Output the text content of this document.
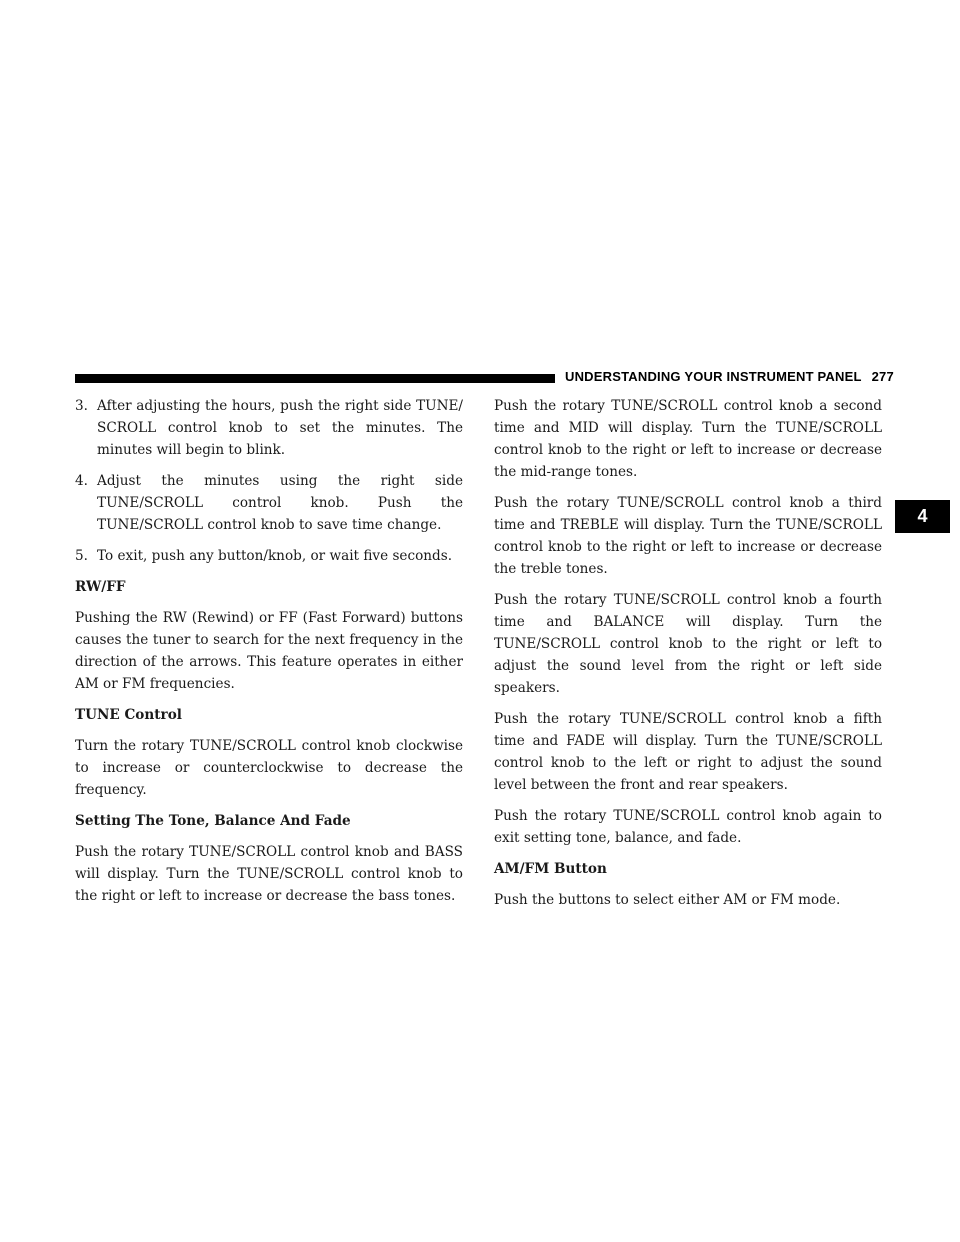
UNDERSTANDING YOUR INSTRUMENT PANEL 277
4
3. After adjusting the hours, push the right side TUNE/ SCROLL control knob to set the minutes. The minutes will begin to blink.
4. Adjust the minutes using the right side TUNE/SCROLL control knob. Push the TUNE/SCROLL control knob to save time change.
5. To exit, push any button/knob, or wait five seconds.
RW/FF

Pushing the RW (Rewind) or FF (Fast Forward) buttons causes the tuner to search for the next frequency in the direction of the arrows. This feature operates in either AM or FM frequencies.

TUNE Control

Turn the rotary TUNE/SCROLL control knob clockwise to increase or counterclockwise to decrease the frequency.

Setting The Tone, Balance And Fade

Push the rotary TUNE/SCROLL control knob and BASS will display. Turn the TUNE/SCROLL control knob to the right or left to increase or decrease the bass tones.

Push the rotary TUNE/SCROLL control knob a second time and MID will display. Turn the TUNE/SCROLL control knob to the right or left to increase or decrease the mid-range tones.

Push the rotary TUNE/SCROLL control knob a third time and TREBLE will display. Turn the TUNE/SCROLL control knob to the right or left to increase or decrease the treble tones.

Push the rotary TUNE/SCROLL control knob a fourth time and BALANCE will display. Turn the TUNE/SCROLL control knob to the right or left to adjust the sound level from the right or left side speakers.

Push the rotary TUNE/SCROLL control knob a fifth time and FADE will display. Turn the TUNE/SCROLL control knob to the left or right to adjust the sound level between the front and rear speakers.

Push the rotary TUNE/SCROLL control knob again to exit setting tone, balance, and fade.

AM/FM Button

Push the buttons to select either AM or FM mode.
